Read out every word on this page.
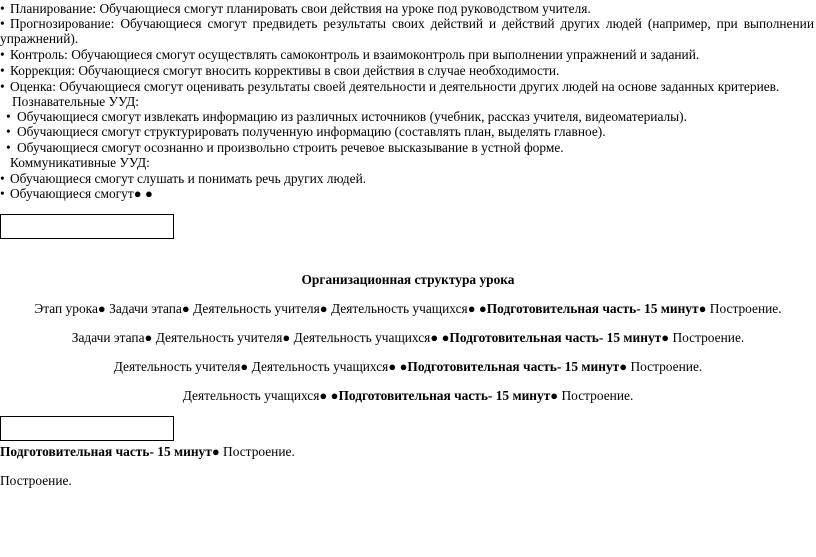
• Планирование: Обучающиеся смогут планировать свои действия на уроке под руководством учителя.
• Прогнозирование: Обучающиеся смогут предвидеть результаты своих действий и действий других людей (например, при выполнении упражнений).
• Контроль: Обучающиеся смогут осуществлять самоконтроль и взаимоконтроль при выполнении упражнений и заданий.
• Коррекция: Обучающиеся смогут вносить коррективы в свои действия в случае необходимости.
• Оценка: Обучающиеся смогут оценивать результаты своей деятельности и деятельности других людей на основе заданных критериев.
Познавательные УУД:
• Обучающиеся смогут извлекать информацию из различных источников (учебник, рассказ учителя, видеоматериалы).
• Обучающиеся смогут структурировать полученную информацию (составлять план, выделять главное).
• Обучающиеся смогут осознанно и произвольно строить речевое высказывание в устной форме.
Коммуникативные УУД:
• Обучающиеся смогут слушать и понимать речь других людей.
• Обучающиеся смогут● ●
Организационная структура урока
Этап урока● Задачи этапа● Деятельность учителя● Деятельность учащихся● ●Подготовительная часть- 15 минут● Построение.
Задачи этапа● Деятельность учителя● Деятельность учащихся● ●Подготовительная часть- 15 минут● Построение.
Деятельность учителя● Деятельность учащихся● ●Подготовительная часть- 15 минут● Построение.
Деятельность учащихся● ●Подготовительная часть- 15 минут● Построение.
Подготовительная часть- 15 минут● Построение.
Построение.
